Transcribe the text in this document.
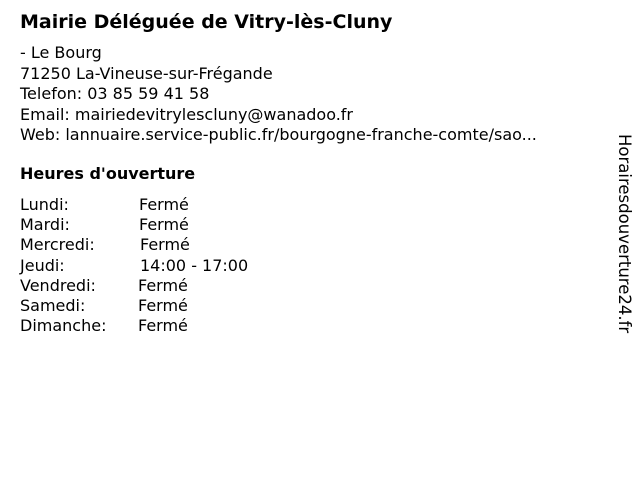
Mairie Déléguée de Vitry-lès-Cluny
- Le Bourg
71250 La-Vineuse-sur-Frégande
Telefon: 03 85 59 41 58
Email: mairiedevitrylescluny@wanadoo.fr
Web: lannuaire.service-public.fr/bourgogne-franche-comte/sao...
Heures d'ouverture
Lundi:	Fermé
Mardi:	Fermé
Mercredi:	Fermé
Jeudi:	14:00 - 17:00
Vendredi:	Fermé
Samedi:	Fermé
Dimanche: Fermé	Horairesdouverture24.fr
